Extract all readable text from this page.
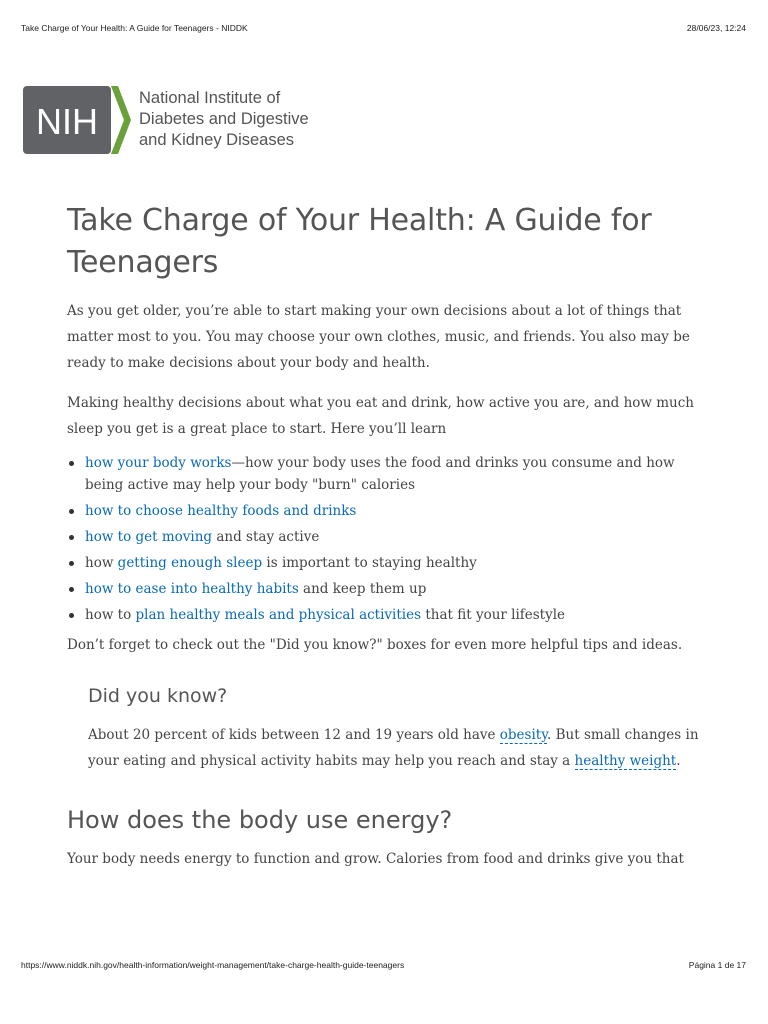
Take Charge of Your Health: A Guide for Teenagers - NIDDK	28/06/23, 12:24
NIH
National Institute of
Diabetes and Digestive
and Kidney Diseases
Take Charge of Your Health: A Guide for Teenagers

As you get older, you’re able to start making your own decisions about a lot of things that matter most to you. You may choose your own clothes, music, and friends. You also may be ready to make decisions about your body and health.

Making healthy decisions about what you eat and drink, how active you are, and how much sleep you get is a great place to start. Here you’ll learn

how your body works—how your body uses the food and drinks you consume and how being active may help your body "burn" calories
how to choose healthy foods and drinks
how to get moving and stay active
how getting enough sleep is important to staying healthy
how to ease into healthy habits and keep them up
how to plan healthy meals and physical activities that fit your lifestyle

Don’t forget to check out the "Did you know?" boxes for even more helpful tips and ideas.

Did you know?

About 20 percent of kids between 12 and 19 years old have obesity. But small changes in your eating and physical activity habits may help you reach and stay a healthy weight.

How does the body use energy?

Your body needs energy to function and grow. Calories from food and drinks give you that

https://www.niddk.nih.gov/health-information/weight-management/take-charge-health-guide-teenagers	Página 1 de 17
